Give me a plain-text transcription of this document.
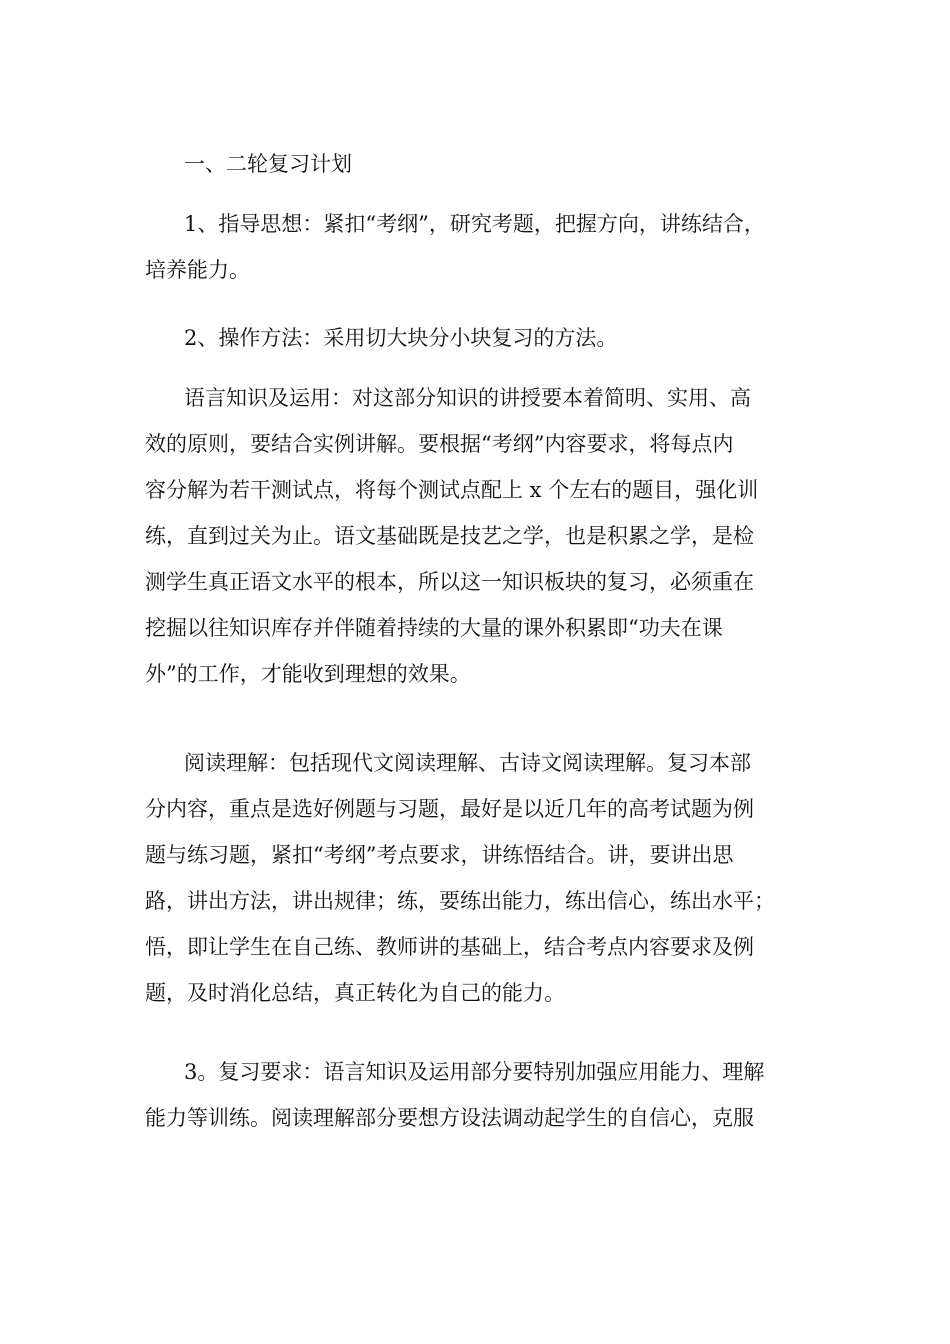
一、二轮复习计划
1、指导思想：紧扣“考纲”，研究考题，把握方向，讲练结合，
培养能力。
2、操作方法：采用切大块分小块复习的方法。
语言知识及运用：对这部分知识的讲授要本着简明、实用、高
效的原则，要结合实例讲解。要根据“考纲”内容要求，将每点内
容分解为若干测试点，将每个测试点配上 x 个左右的题目，强化训
练，直到过关为止。语文基础既是技艺之学，也是积累之学，是检
测学生真正语文水平的根本，所以这一知识板块的复习，必须重在
挖掘以往知识库存并伴随着持续的大量的课外积累即“功夫在课
外”的工作，才能收到理想的效果。
阅读理解：包括现代文阅读理解、古诗文阅读理解。复习本部
分内容，重点是选好例题与习题，最好是以近几年的高考试题为例
题与练习题，紧扣“考纲”考点要求，讲练悟结合。讲，要讲出思
路，讲出方法，讲出规律；练，要练出能力，练出信心，练出水平；
悟，即让学生在自己练、教师讲的基础上，结合考点内容要求及例
题，及时消化总结，真正转化为自己的能力。
3。复习要求：语言知识及运用部分要特别加强应用能力、理解
能力等训练。阅读理解部分要想方设法调动起学生的自信心，克服
